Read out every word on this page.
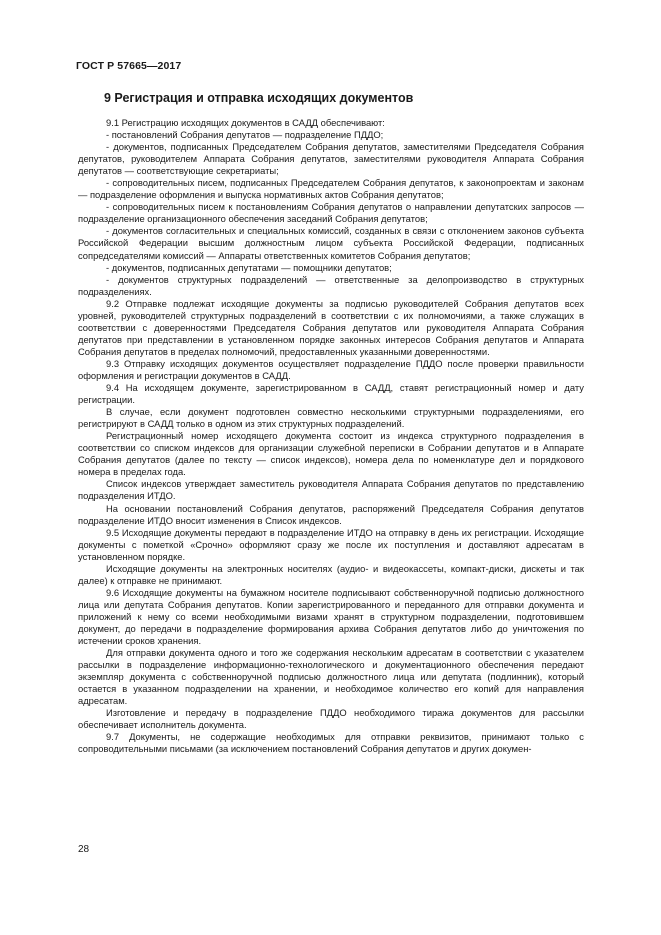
ГОСТ Р 57665—2017
9 Регистрация и отправка исходящих документов

9.1 Регистрацию исходящих документов в САДД обеспечивают:

- постановлений Собрания депутатов — подразделение ПДДО;

- документов, подписанных Председателем Собрания депутатов, заместителями Председателя Собрания депутатов, руководителем Аппарата Собрания депутатов, заместителями руководителя Аппарата Собрания депутатов — соответствующие секретариаты;

- сопроводительных писем, подписанных Председателем Собрания депутатов, к законопроектам и законам — подразделение оформления и выпуска нормативных актов Собрания депутатов;

- сопроводительных писем к постановлениям Собрания депутатов о направлении депутатских запросов — подразделение организационного обеспечения заседаний Собрания депутатов;

- документов согласительных и специальных комиссий, созданных в связи с отклонением законов субъекта Российской Федерации высшим должностным лицом субъекта Российской Федерации, подписанных сопредседателями комиссий — Аппараты ответственных комитетов Собрания депутатов;

- документов, подписанных депутатами — помощники депутатов;

- документов структурных подразделений — ответственные за делопроизводство в структурных подразделениях.

9.2 Отправке подлежат исходящие документы за подписью руководителей Собрания депутатов всех уровней, руководителей структурных подразделений в соответствии с их полномочиями, а также служащих в соответствии с доверенностями Председателя Собрания депутатов или руководителя Аппарата Собрания депутатов при представлении в установленном порядке законных интересов Собрания депутатов и Аппарата Собрания депутатов в пределах полномочий, предоставленных указанными доверенностями.

9.3 Отправку исходящих документов осуществляет подразделение ПДДО после проверки правильности оформления и регистрации документов в САДД.

9.4 На исходящем документе, зарегистрированном в САДД, ставят регистрационный номер и дату регистрации.

В случае, если документ подготовлен совместно несколькими структурными подразделениями, его регистрируют в САДД только в одном из этих структурных подразделений.

Регистрационный номер исходящего документа состоит из индекса структурного подразделения в соответствии со списком индексов для организации служебной переписки в Собрании депутатов и в Аппарате Собрания депутатов (далее по тексту — список индексов), номера дела по номенклатуре дел и порядкового номера в пределах года.

Список индексов утверждает заместитель руководителя Аппарата Собрания депутатов по представлению подразделения ИТДО.

На основании постановлений Собрания депутатов, распоряжений Председателя Собрания депутатов подразделение ИТДО вносит изменения в Список индексов.

9.5 Исходящие документы передают в подразделение ИТДО на отправку в день их регистрации. Исходящие документы с пометкой «Срочно» оформляют сразу же после их поступления и доставляют адресатам в установленном порядке.

Исходящие документы на электронных носителях (аудио- и видеокассеты, компакт-диски, дискеты и так далее) к отправке не принимают.

9.6 Исходящие документы на бумажном носителе подписывают собственноручной подписью должностного лица или депутата Собрания депутатов. Копии зарегистрированного и переданного для отправки документа и приложений к нему со всеми необходимыми визами хранят в структурном подразделении, подготовившем документ, до передачи в подразделение формирования архива Собрания депутатов либо до уничтожения по истечении сроков хранения.

Для отправки документа одного и того же содержания нескольким адресатам в соответствии с указателем рассылки в подразделение информационно-технологического и документационного обеспечения передают экземпляр документа с собственноручной подписью должностного лица или депутата (подлинник), который остается в указанном подразделении на хранении, и необходимое количество его копий для направления адресатам.

Изготовление и передачу в подразделение ПДДО необходимого тиража документов для рассылки обеспечивает исполнитель документа.

9.7 Документы, не содержащие необходимых для отправки реквизитов, принимают только с сопроводительными письмами (за исключением постановлений Собрания депутатов и других докумен-

28
